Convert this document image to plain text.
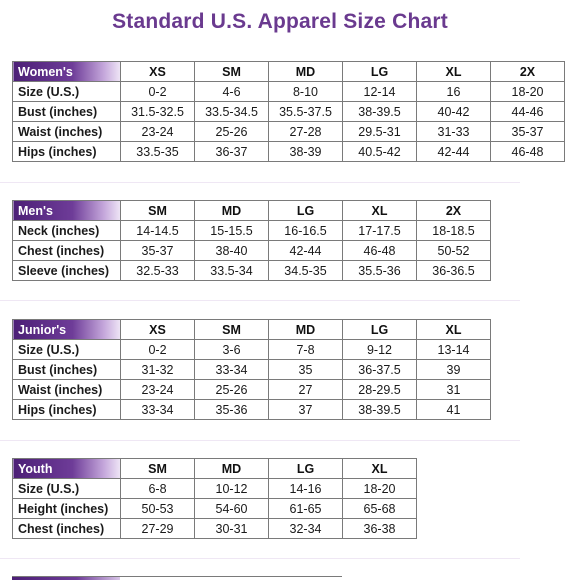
Standard U.S. Apparel Size Chart
Women's	XS	SM	MD	LG	XL	2X
Size (U.S.)	0-2	4-6	8-10	12-14	16	18-20
Bust (inches)	31.5-32.5	33.5-34.5	35.5-37.5	38-39.5	40-42	44-46
Waist (inches)	23-24	25-26	27-28	29.5-31	31-33	35-37
Hips (inches)	33.5-35	36-37	38-39	40.5-42	42-44	46-48
Men's	SM	MD	LG	XL	2X
Neck (inches)	14-14.5	15-15.5	16-16.5	17-17.5	18-18.5
Chest (inches)	35-37	38-40	42-44	46-48	50-52
Sleeve (inches)	32.5-33	33.5-34	34.5-35	35.5-36	36-36.5
Junior's	XS	SM	MD	LG	XL
Size (U.S.)	0-2	3-6	7-8	9-12	13-14
Bust (inches)	31-32	33-34	35	36-37.5	39
Waist (inches)	23-24	25-26	27	28-29.5	31
Hips (inches)	33-34	35-36	37	38-39.5	41
Youth	SM	MD	LG	XL
Size (U.S.)	6-8	10-12	14-16	18-20
Height (inches)	50-53	54-60	61-65	65-68
Chest (inches)	27-29	30-31	32-34	36-38
